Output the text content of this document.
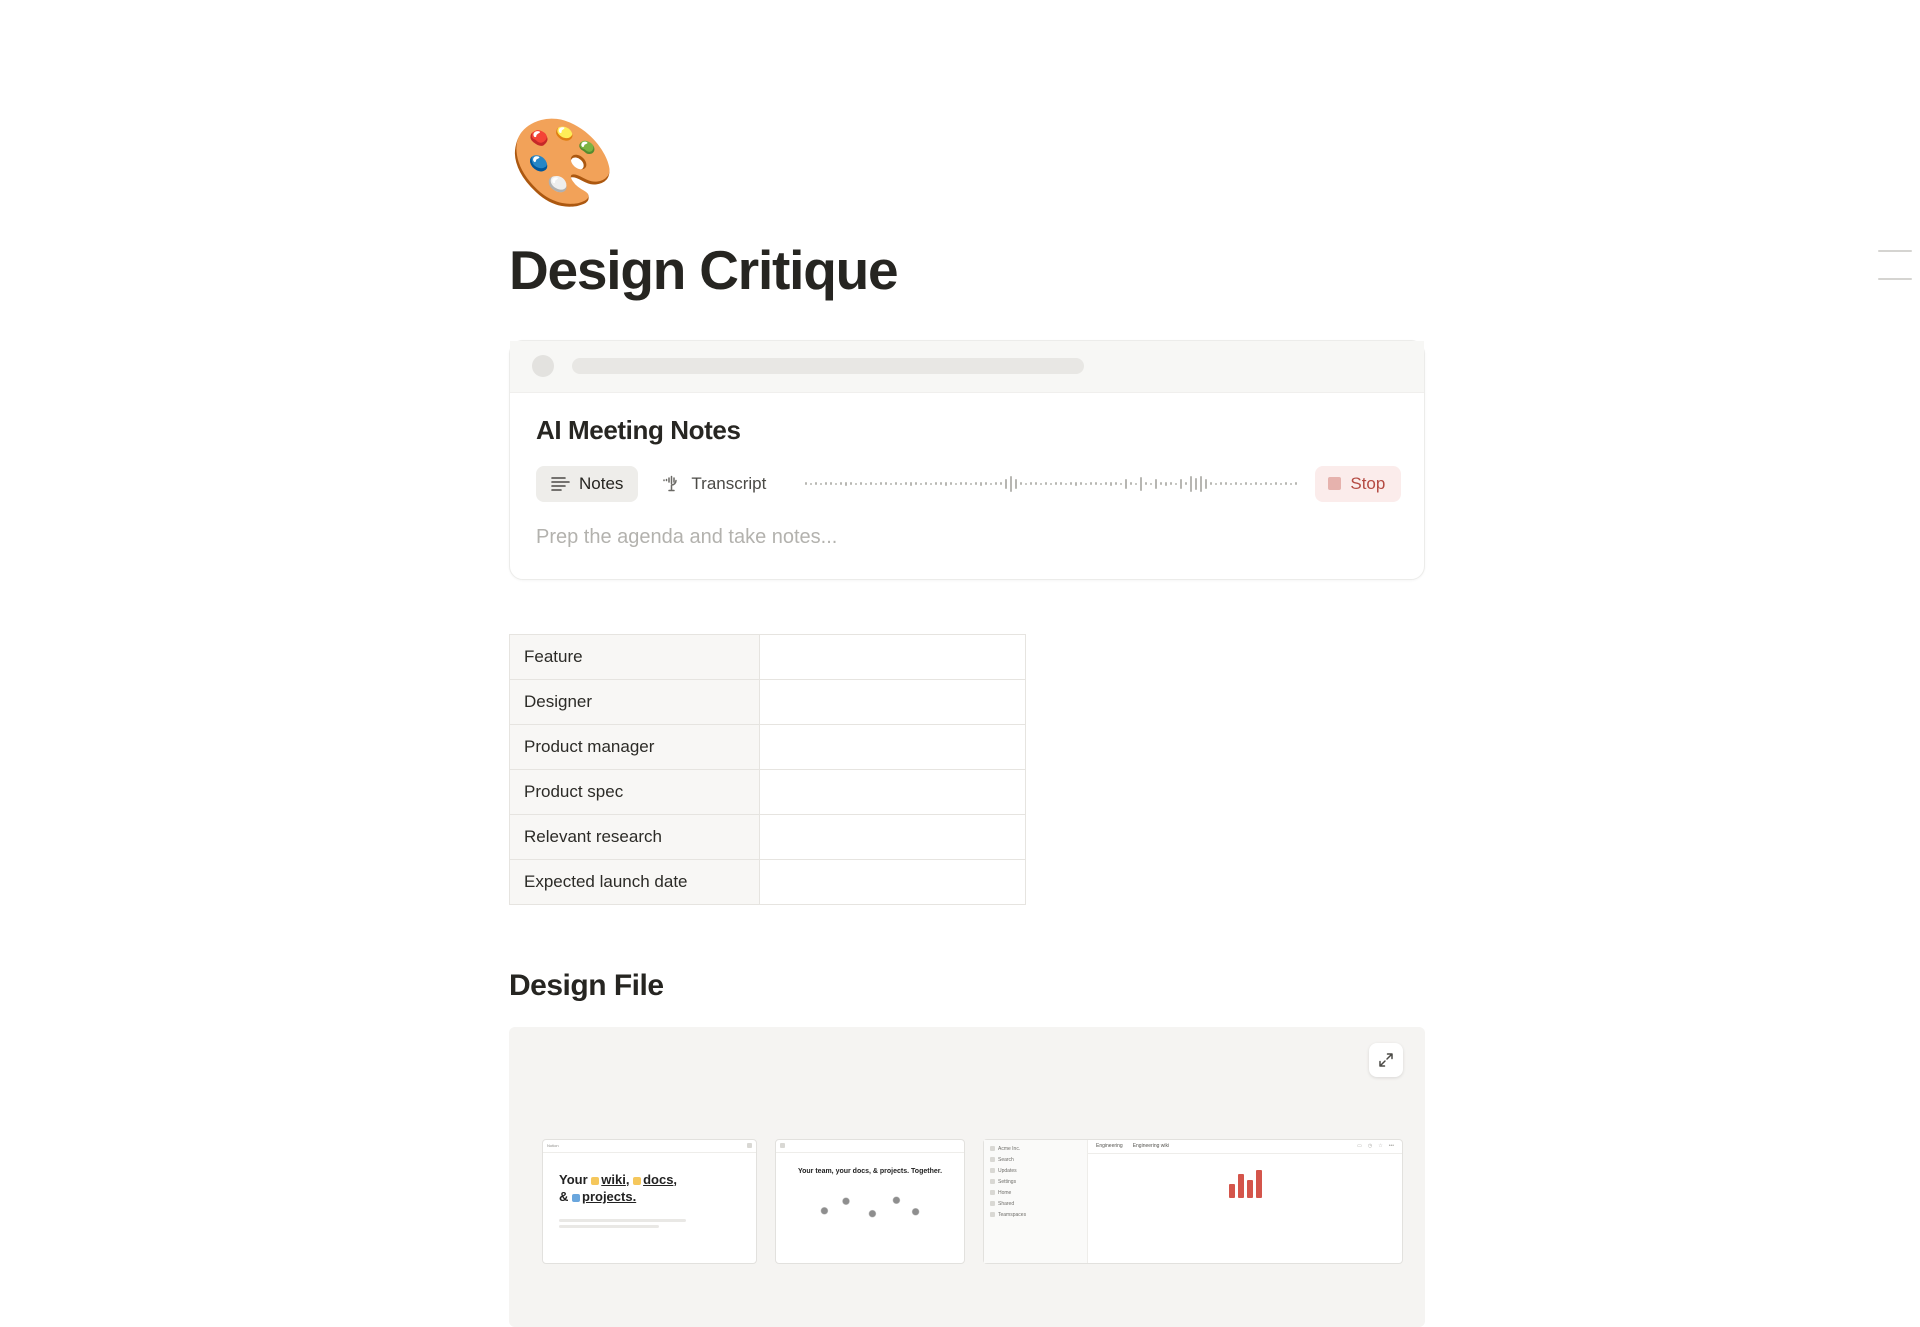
🎨
Design Critique
AI Meeting Notes
Notes	Transcript	Stop
Prep the agenda and take notes...
Feature	
Designer	
Product manager	
Product spec	
Relevant research	
Expected launch date	
Design File
Notion
Your wiki, docs,
& projects.
Your team, your docs, & projects. Together.
Acme Inc.
Search
Updates
Settings
Home
Shared
Teamspaces
Engineering Engineering wiki	▭ ◷ ☆ •••
